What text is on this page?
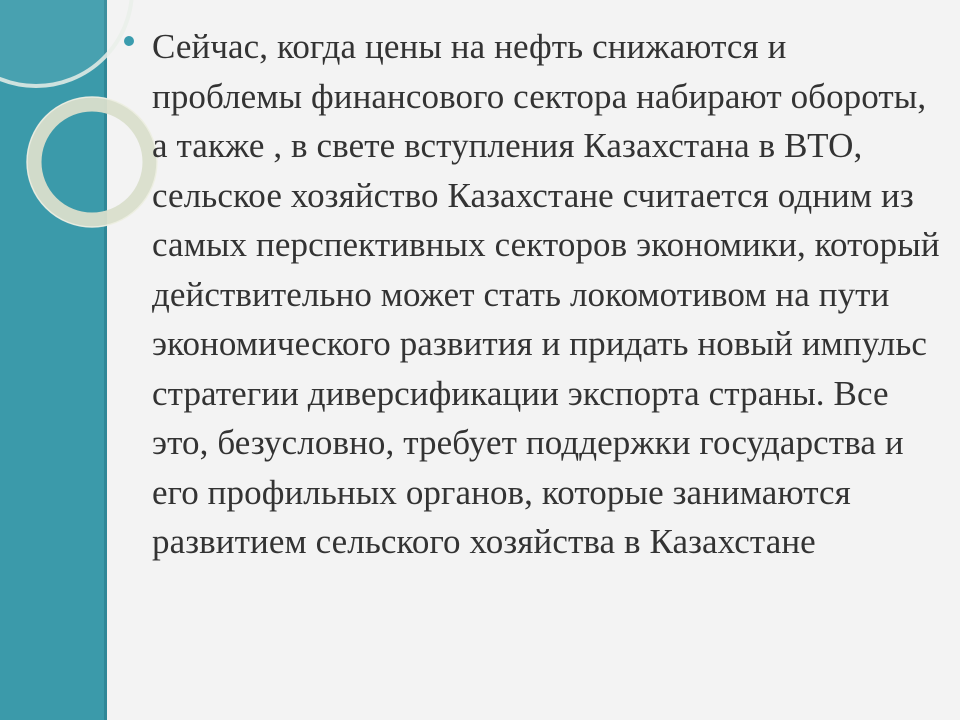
Сейчас, когда цены на нефть снижаются и проблемы финансового сектора набирают обороты, а также , в свете вступления Казахстана в ВТО, сельское хозяйство Казахстане считается одним из самых перспективных секторов экономики, который действительно может стать локомотивом на пути экономического развития и придать новый импульс стратегии диверсификации экспорта страны. Все это, безусловно, требует поддержки государства и его профильных органов, которые занимаются развитием сельского хозяйства в Казахстане
